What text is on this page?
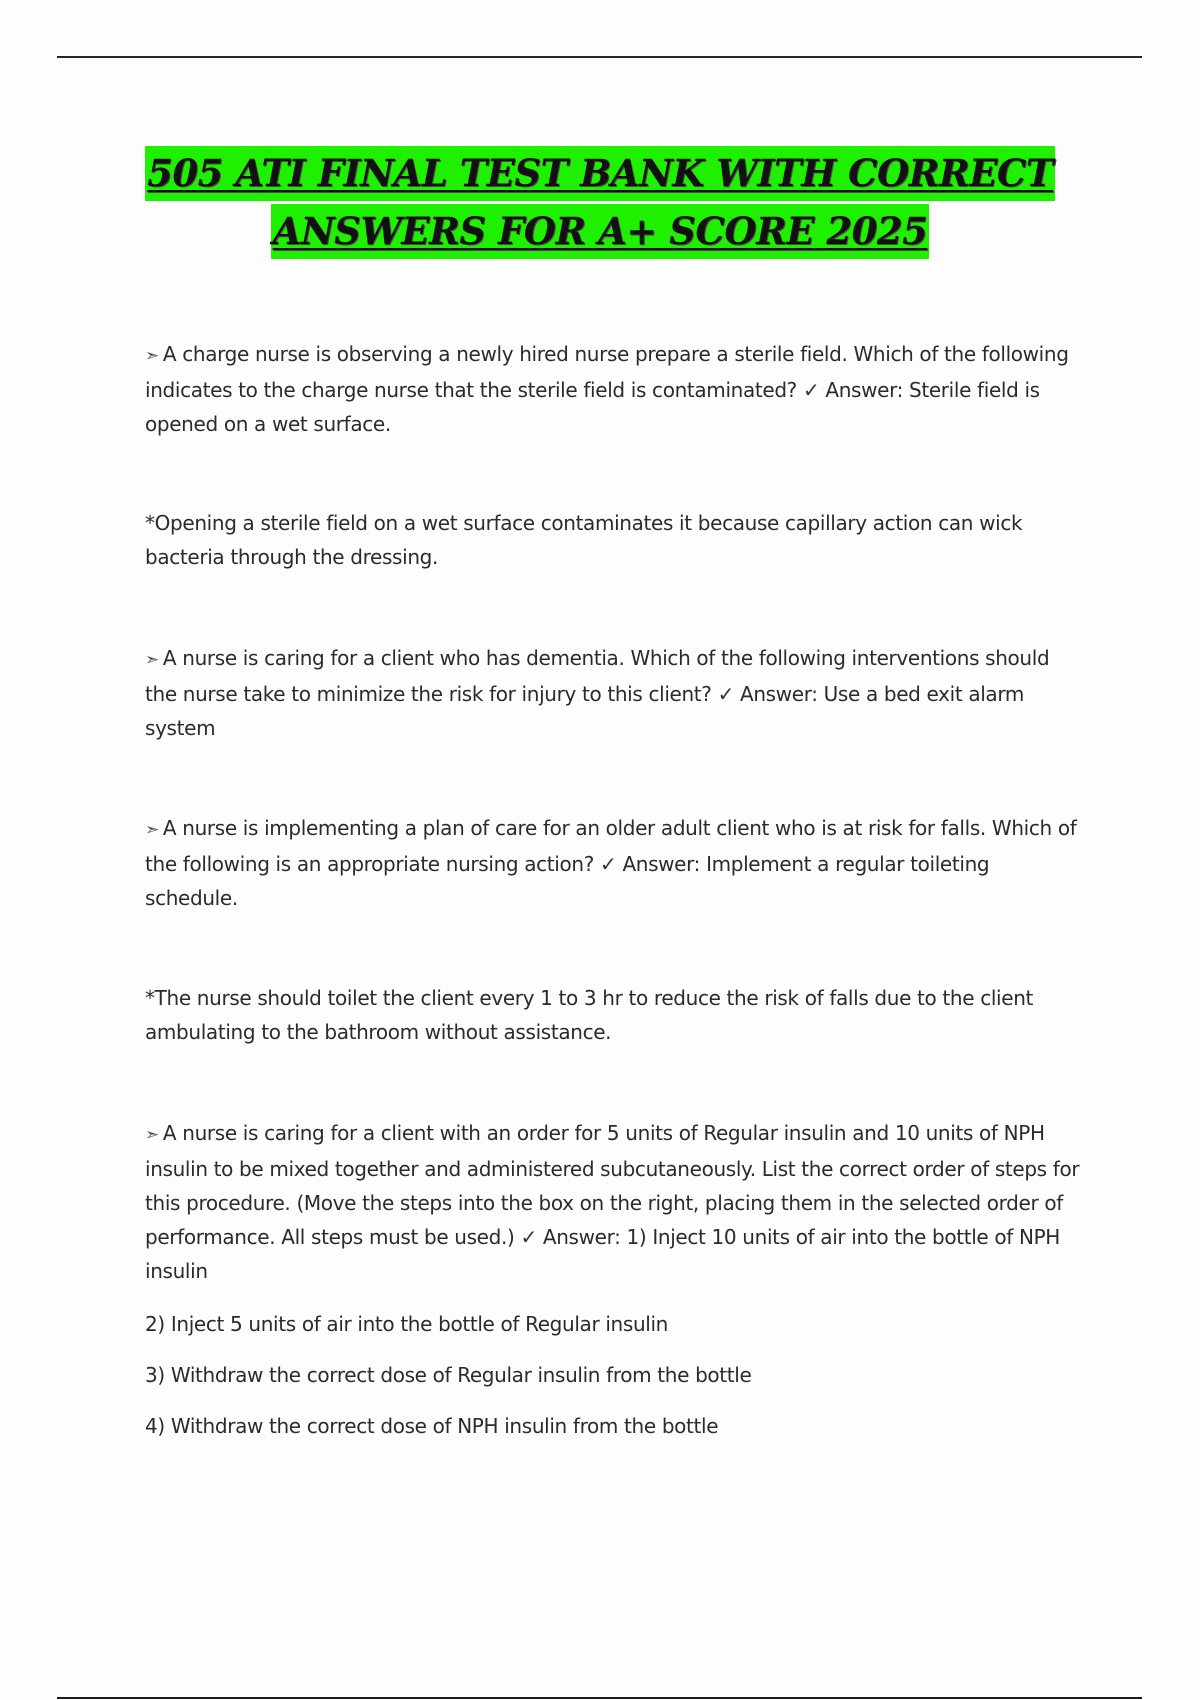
505 ATI FINAL TEST BANK WITH CORRECT
ANSWERS FOR A+ SCORE 2025

➣ A charge nurse is observing a newly hired nurse prepare a sterile field. Which of the following indicates to the charge nurse that the sterile field is contaminated? ✓ Answer: Sterile field is opened on a wet surface.

*Opening a sterile field on a wet surface contaminates it because capillary action can wick bacteria through the dressing.

➣ A nurse is caring for a client who has dementia. Which of the following interventions should the nurse take to minimize the risk for injury to this client? ✓ Answer: Use a bed exit alarm system

➣ A nurse is implementing a plan of care for an older adult client who is at risk for falls. Which of the following is an appropriate nursing action? ✓ Answer: Implement a regular toileting schedule.

*The nurse should toilet the client every 1 to 3 hr to reduce the risk of falls due to the client ambulating to the bathroom without assistance.

➣ A nurse is caring for a client with an order for 5 units of Regular insulin and 10 units of NPH insulin to be mixed together and administered subcutaneously. List the correct order of steps for this procedure. (Move the steps into the box on the right, placing them in the selected order of performance. All steps must be used.) ✓ Answer: 1) Inject 10 units of air into the bottle of NPH insulin

2) Inject 5 units of air into the bottle of Regular insulin

3) Withdraw the correct dose of Regular insulin from the bottle

4) Withdraw the correct dose of NPH insulin from the bottle
